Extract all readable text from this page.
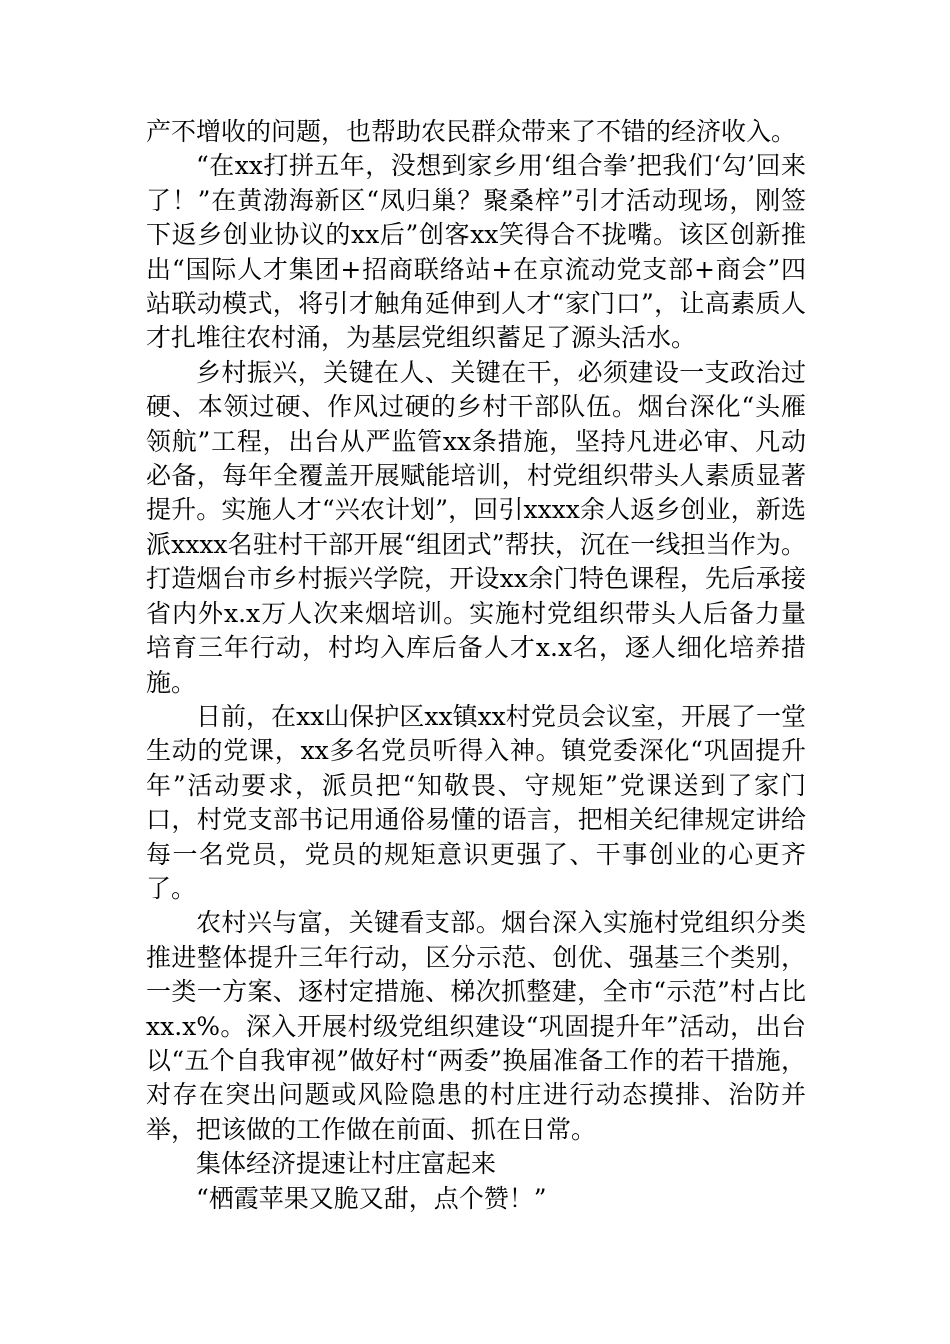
产不增收的问题，也帮助农民群众带来了不错的经济收入。

“在xx打拼五年，没想到家乡用‘组合拳’把我们‘勾’回来了！”在黄渤海新区“凤归巢？聚桑梓”引才活动现场，刚签下返乡创业协议的xx后”创客xx笑得合不拢嘴。该区创新推出“国际人才集团+招商联络站+在京流动党支部+商会”四站联动模式，将引才触角延伸到人才“家门口”，让高素质人才扎堆往农村涌，为基层党组织蓄足了源头活水。

乡村振兴，关键在人、关键在干，必须建设一支政治过硬、本领过硬、作风过硬的乡村干部队伍。烟台深化“头雁领航”工程，出台从严监管xx条措施，坚持凡进必审、凡动必备，每年全覆盖开展赋能培训，村党组织带头人素质显著提升。实施人才“兴农计划”，回引xxxx余人返乡创业，新选派xxxx名驻村干部开展“组团式”帮扶，沉在一线担当作为。打造烟台市乡村振兴学院，开设xx余门特色课程，先后承接省内外x.x万人次来烟培训。实施村党组织带头人后备力量培育三年行动，村均入库后备人才x.x名，逐人细化培养措施。

日前，在xx山保护区xx镇xx村党员会议室，开展了一堂生动的党课，xx多名党员听得入神。镇党委深化“巩固提升年”活动要求，派员把“知敬畏、守规矩”党课送到了家门口，村党支部书记用通俗易懂的语言，把相关纪律规定讲给每一名党员，党员的规矩意识更强了、干事创业的心更齐了。

农村兴与富，关键看支部。烟台深入实施村党组织分类推进整体提升三年行动，区分示范、创优、强基三个类别，一类一方案、逐村定措施、梯次抓整建，全市“示范”村占比xx.x%。深入开展村级党组织建设“巩固提升年”活动，出台以“五个自我审视”做好村“两委”换届准备工作的若干措施，对存在突出问题或风险隐患的村庄进行动态摸排、治防并举，把该做的工作做在前面、抓在日常。

集体经济提速让村庄富起来

“栖霞苹果又脆又甜，点个赞！”
